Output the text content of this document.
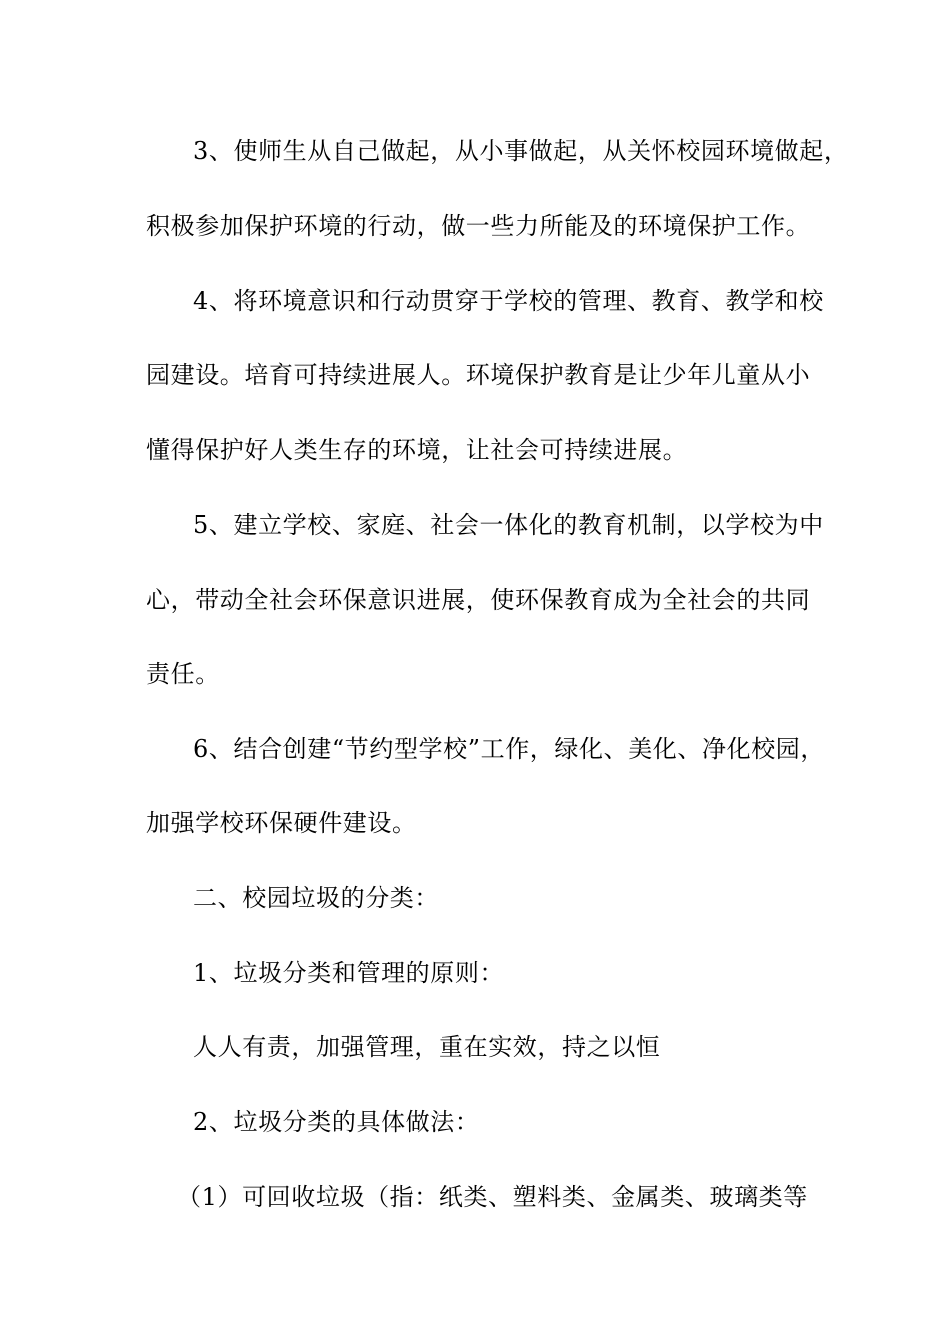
3、使师生从自己做起，从小事做起，从关怀校园环境做起，
积极参加保护环境的行动，做一些力所能及的环境保护工作。
4、将环境意识和行动贯穿于学校的管理、教育、教学和校
园建设。培育可持续进展人。环境保护教育是让少年儿童从小
懂得保护好人类生存的环境，让社会可持续进展。
5、建立学校、家庭、社会一体化的教育机制，以学校为中
心，带动全社会环保意识进展，使环保教育成为全社会的共同
责任。
6、结合创建“节约型学校”工作，绿化、美化、净化校园，
加强学校环保硬件建设。
二、校园垃圾的分类：
1、垃圾分类和管理的原则：
人人有责，加强管理，重在实效，持之以恒
2、垃圾分类的具体做法：
（1）可回收垃圾（指：纸类、塑料类、金属类、玻璃类等
